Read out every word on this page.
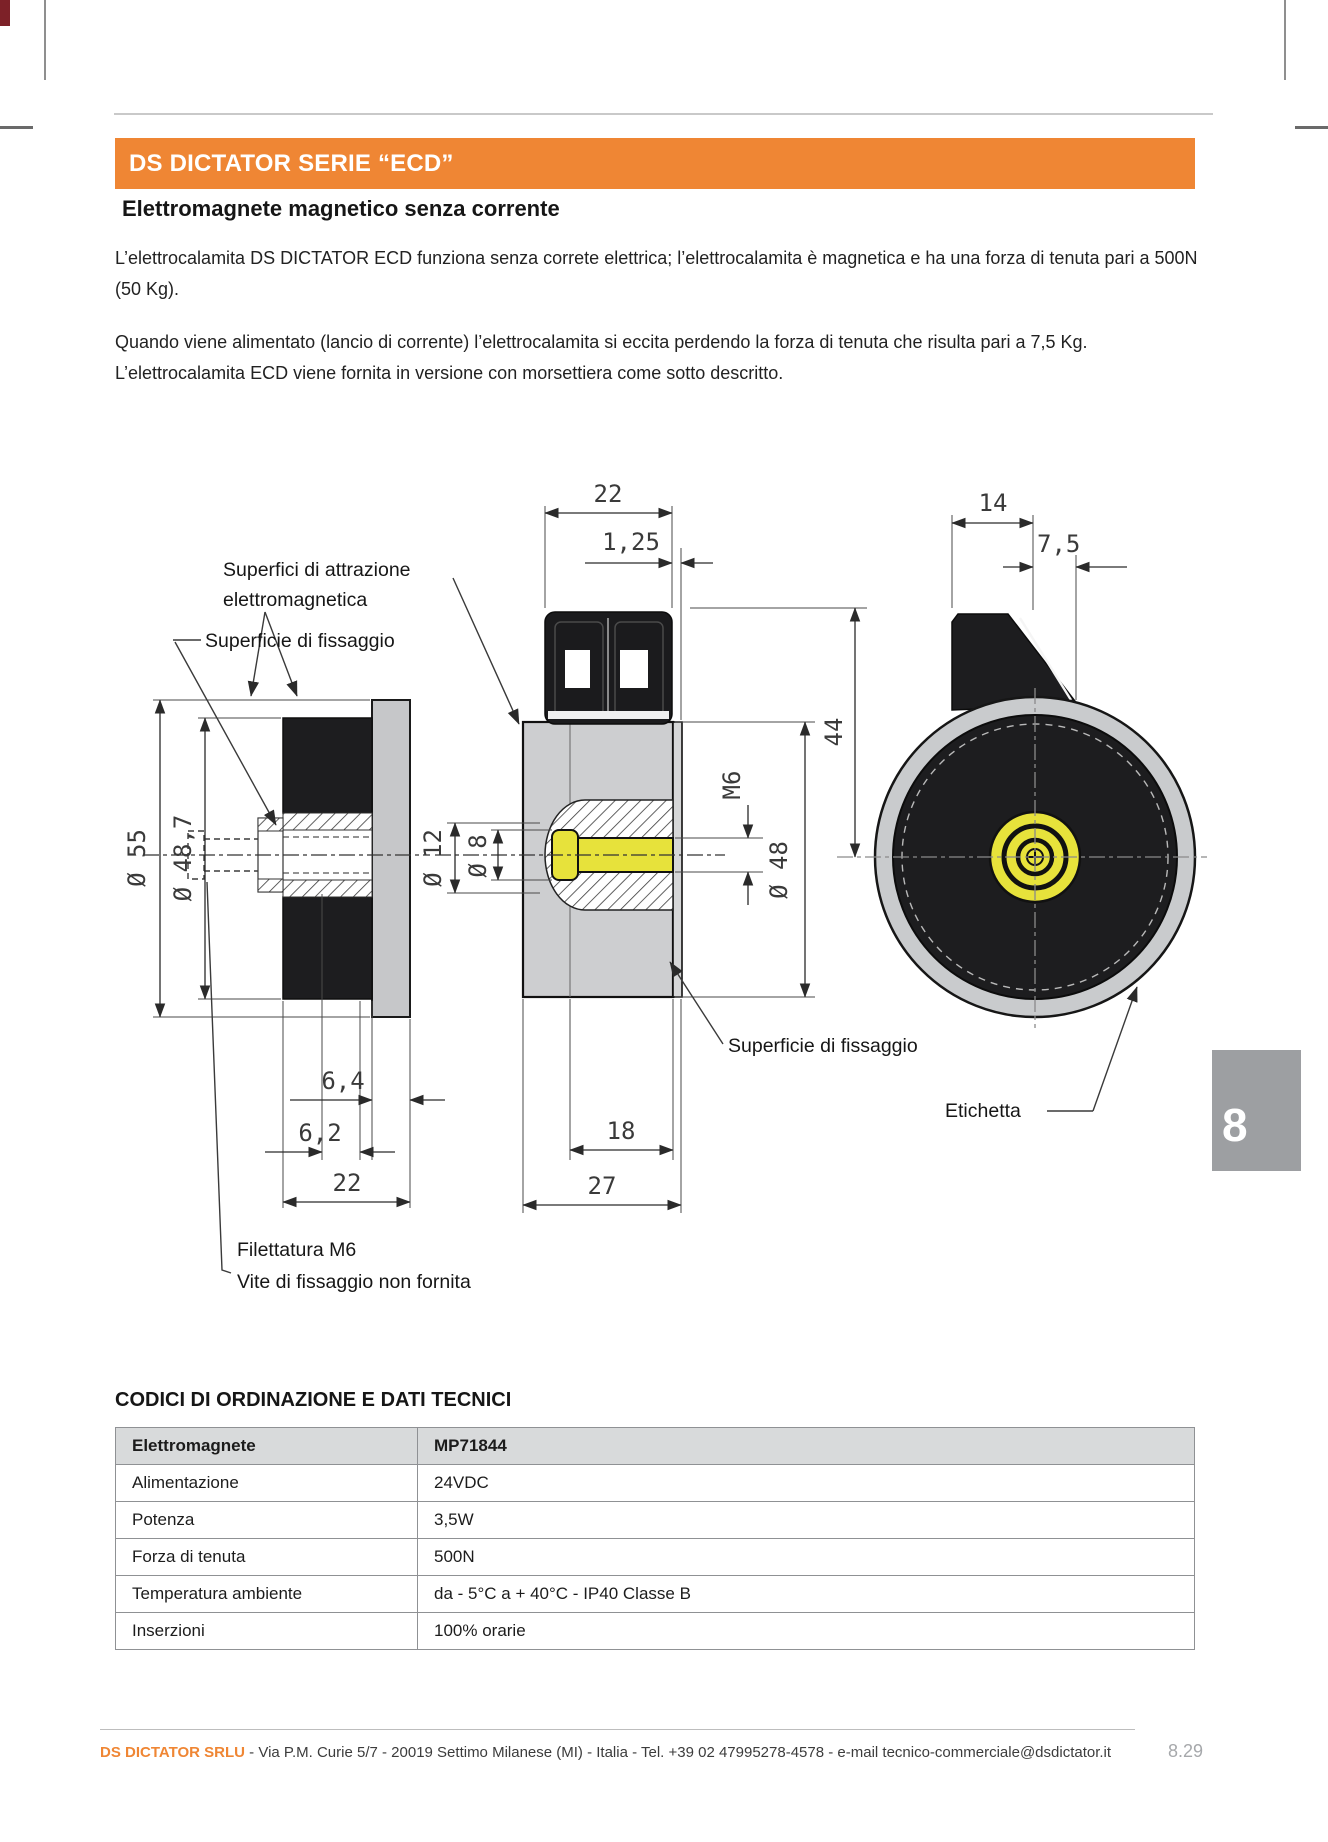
DS DICTATOR SERIE “ECD”
Elettromagnete magnetico senza corrente
L’elettrocalamita DS DICTATOR ECD funziona senza correte elettrica; l’elettrocalamita è magnetica e ha una forza di tenuta pari a 500N (50 Kg).
Quando viene alimentato (lancio di corrente) l’elettrocalamita si eccita perdendo la forza di tenuta che risulta pari a 7,5 Kg. L’elettrocalamita ECD viene fornita in versione con morsettiera come sotto descritto.
Ø 55 Ø 48,7
6,4
6,2
22
Superfici di attrazione
elettromagnetica
Superficie di fissaggio
Filettatura M6
Vite di fissaggio non fornita
22
1,25
Ø 12 Ø 8
M6
Ø 48
18
27
14
7,5
44
Superficie di fissaggio
Etichetta
CODICI DI ORDINAZIONE E DATI TECNICI
Elettromagnete	MP71844
Alimentazione	24VDC
Potenza	3,5W
Forza di tenuta	500N
Temperatura ambiente	da - 5°C a + 40°C - IP40 Classe B
Inserzioni	100% orarie
DS DICTATOR SRLU - Via P.M. Curie 5/7 - 20019 Settimo Milanese (MI) - Italia - Tel. +39 02 47995278-4578 - e-mail tecnico-commerciale@dsdictator.it	8.29
8
